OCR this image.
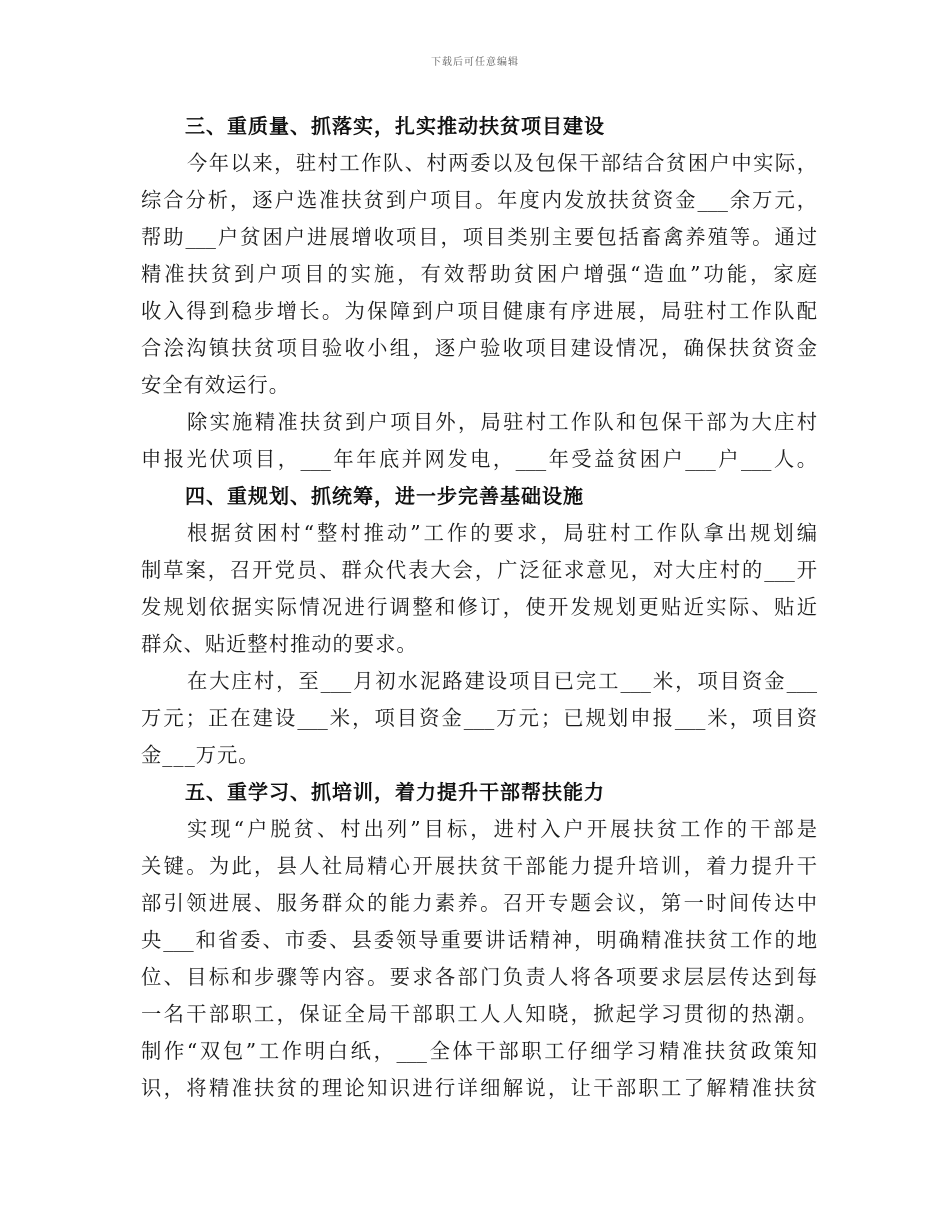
下载后可任意编辑
三、重质量、抓落实，扎实推动扶贫项目建设
今年以来，驻村工作队、村两委以及包保干部结合贫困户中实际，
综合分析，逐户选准扶贫到户项目。年度内发放扶贫资金___余万元，
帮助___户贫困户进展增收项目，项目类别主要包括畜禽养殖等。通过
精准扶贫到户项目的实施，有效帮助贫困户增强“造血”功能，家庭
收入得到稳步增长。为保障到户项目健康有序进展，局驻村工作队配
合浍沟镇扶贫项目验收小组，逐户验收项目建设情况，确保扶贫资金
安全有效运行。
除实施精准扶贫到户项目外，局驻村工作队和包保干部为大庄村
申报光伏项目，___年年底并网发电，___年受益贫困户___户___人。
四、重规划、抓统筹，进一步完善基础设施
根据贫困村“整村推动”工作的要求，局驻村工作队拿出规划编
制草案，召开党员、群众代表大会，广泛征求意见，对大庄村的___开
发规划依据实际情况进行调整和修订，使开发规划更贴近实际、贴近
群众、贴近整村推动的要求。
在大庄村，至___月初水泥路建设项目已完工___米，项目资金___
万元；正在建设___米，项目资金___万元；已规划申报___米，项目资
金___万元。
五、重学习、抓培训，着力提升干部帮扶能力
实现“户脱贫、村出列”目标，进村入户开展扶贫工作的干部是
关键。为此，县人社局精心开展扶贫干部能力提升培训，着力提升干
部引领进展、服务群众的能力素养。召开专题会议，第一时间传达中
央___和省委、市委、县委领导重要讲话精神，明确精准扶贫工作的地
位、目标和步骤等内容。要求各部门负责人将各项要求层层传达到每
一名干部职工，保证全局干部职工人人知晓，掀起学习贯彻的热潮。
制作“双包”工作明白纸，___全体干部职工仔细学习精准扶贫政策知
识，将精准扶贫的理论知识进行详细解说，让干部职工了解精准扶贫
